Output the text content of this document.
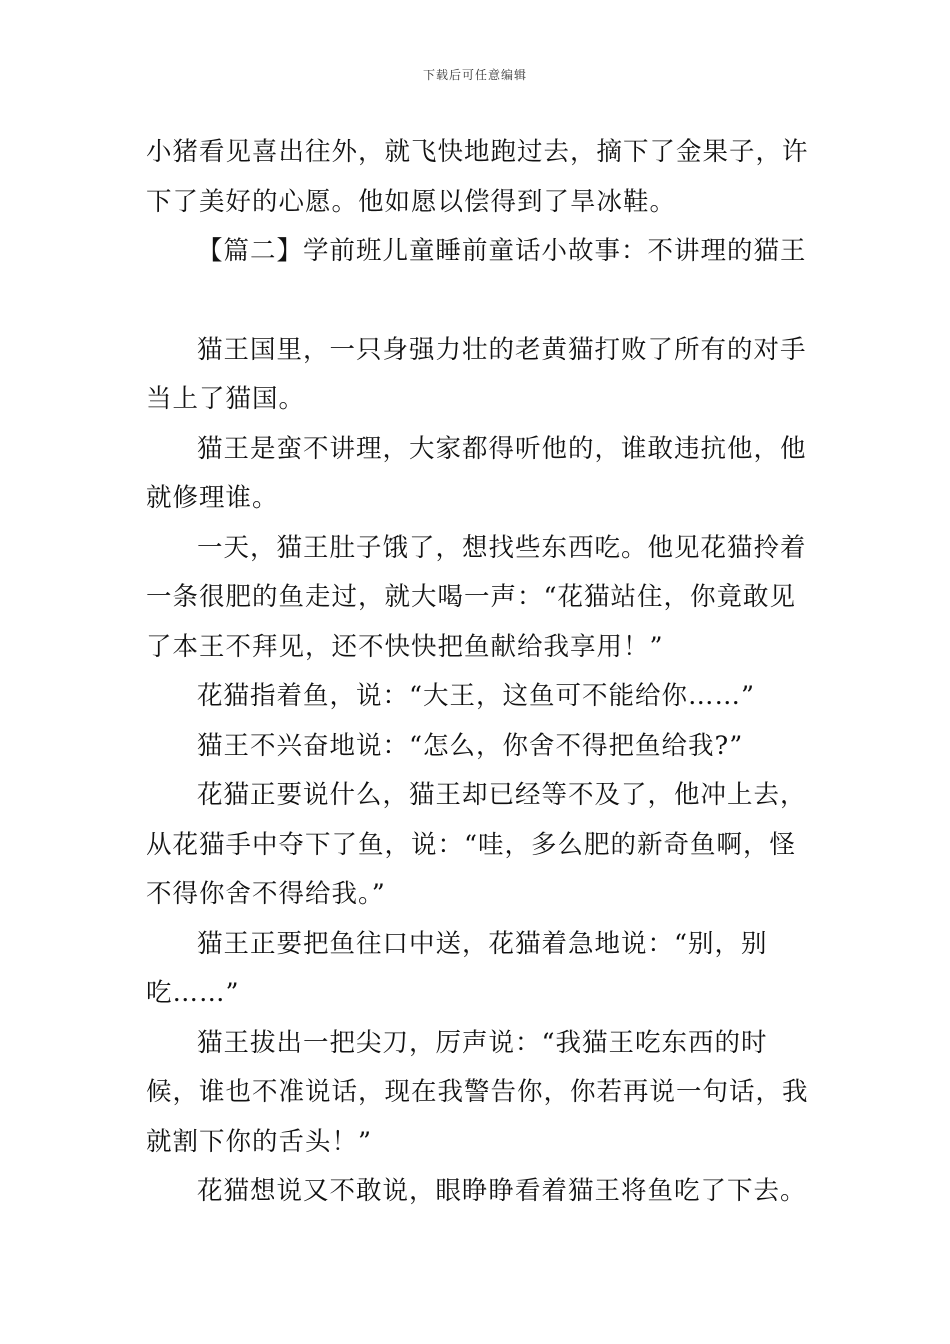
下载后可任意编辑

小猪看见喜出往外，就飞快地跑过去，摘下了金果子，许下了美好的心愿。他如愿以偿得到了旱冰鞋。

【篇二】学前班儿童睡前童话小故事：不讲理的猫王

猫王国里，一只身强力壮的老黄猫打败了所有的对手当上了猫国。

猫王是蛮不讲理，大家都得听他的，谁敢违抗他，他就修理谁。

一天，猫王肚子饿了，想找些东西吃。他见花猫拎着一条很肥的鱼走过，就大喝一声：“花猫站住，你竟敢见了本王不拜见，还不快快把鱼献给我享用！”

花猫指着鱼，说：“大王，这鱼可不能给你……”

猫王不兴奋地说：“怎么，你舍不得把鱼给我?”

花猫正要说什么，猫王却已经等不及了，他冲上去，从花猫手中夺下了鱼，说：“哇，多么肥的新奇鱼啊，怪不得你舍不得给我。”

猫王正要把鱼往口中送，花猫着急地说：“别，别吃……”

猫王拔出一把尖刀，厉声说：“我猫王吃东西的时候，谁也不准说话，现在我警告你，你若再说一句话，我就割下你的舌头！”

花猫想说又不敢说，眼睁睁看着猫王将鱼吃了下去。
